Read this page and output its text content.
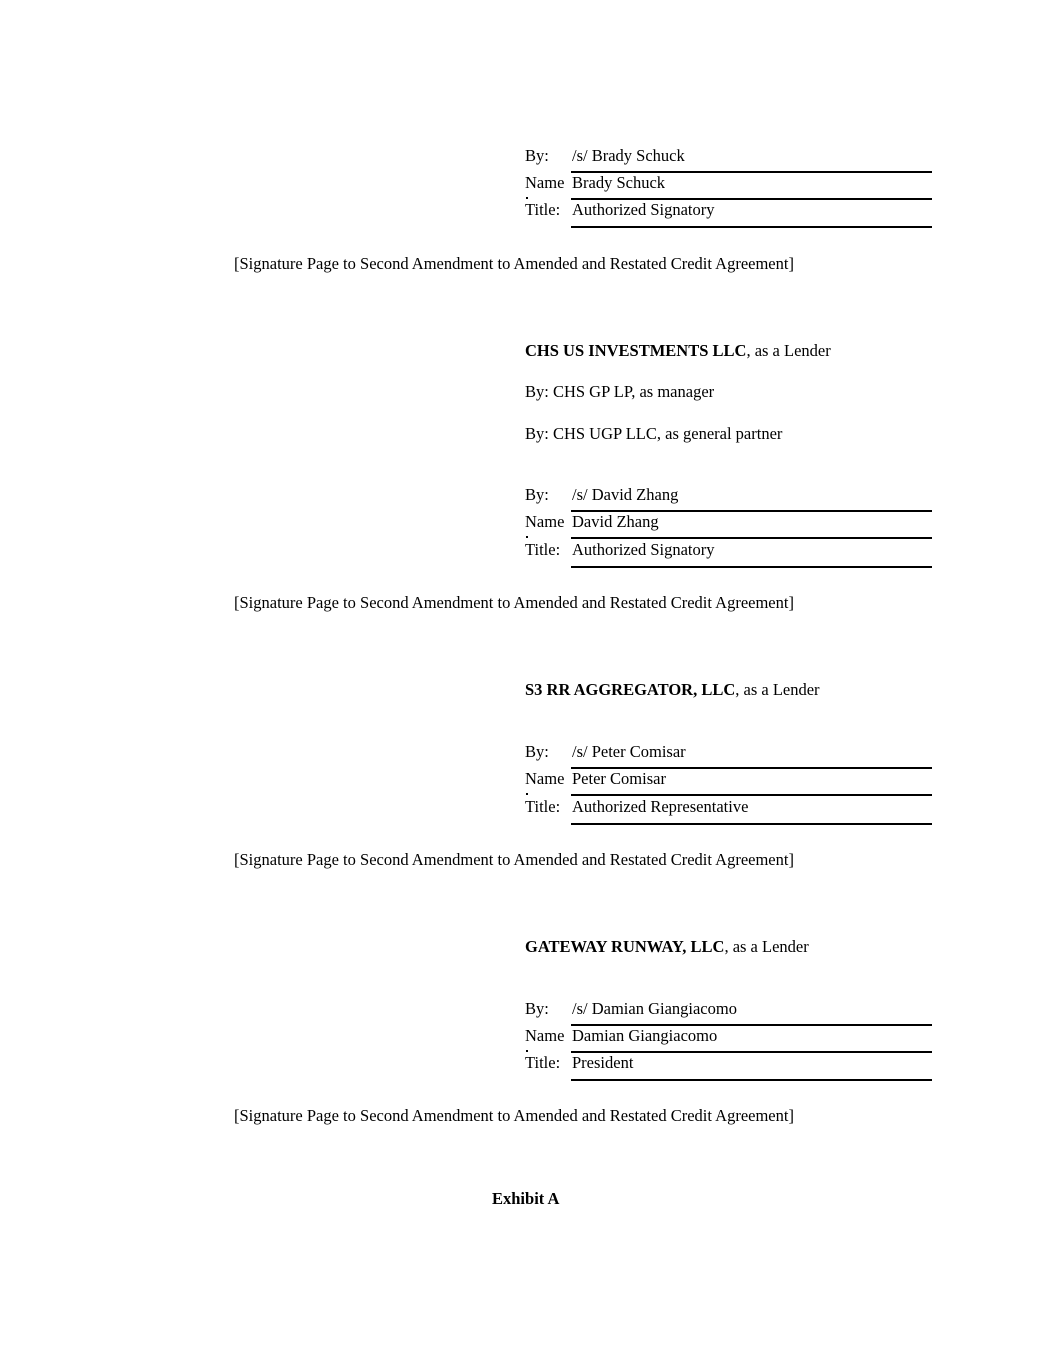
By: /s/ Brady Schuck
Name Brady Schuck
Title: Authorized Signatory
[Signature Page to Second Amendment to Amended and Restated Credit Agreement]
CHS US INVESTMENTS LLC, as a Lender
By: CHS GP LP, as manager
By: CHS UGP LLC, as general partner
By: /s/ David Zhang
Name David Zhang
Title: Authorized Signatory
[Signature Page to Second Amendment to Amended and Restated Credit Agreement]
S3 RR AGGREGATOR, LLC, as a Lender
By: /s/ Peter Comisar
Name Peter Comisar
Title: Authorized Representative
[Signature Page to Second Amendment to Amended and Restated Credit Agreement]
GATEWAY RUNWAY, LLC, as a Lender
By: /s/ Damian Giangiacomo
Name Damian Giangiacomo
Title: President
[Signature Page to Second Amendment to Amended and Restated Credit Agreement]
Exhibit A
